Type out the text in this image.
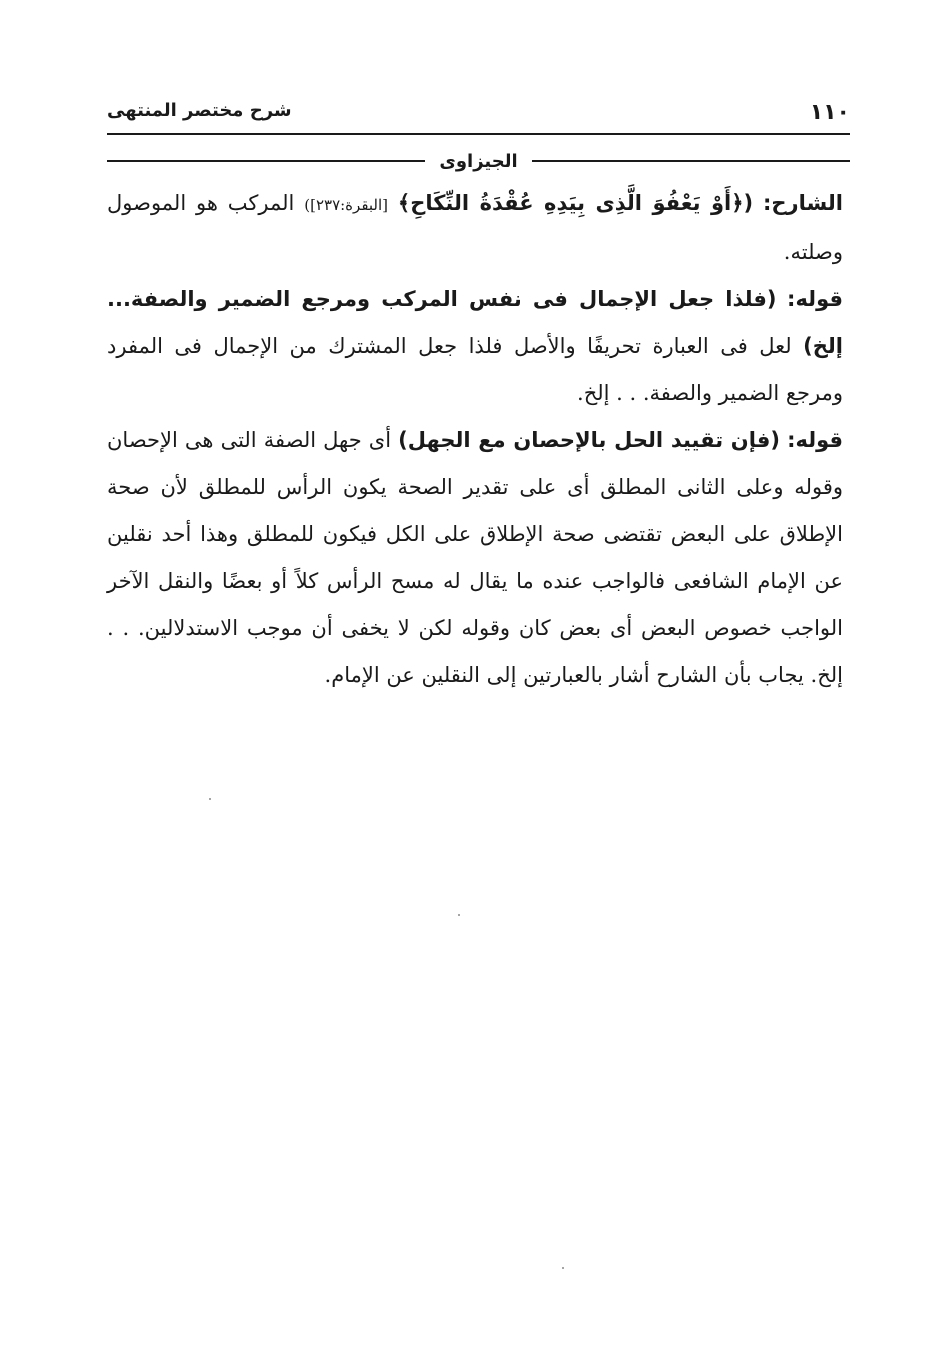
١١٠
شرح مختصر المنتهى
الجيزاوى

الشارح: (﴿أَوْ يَعْفُوَ الَّذِى بِيَدِهِ عُقْدَةُ النِّكَاحِ﴾ [البقرة:٢٣٧]) المركب هو الموصول وصلته.

قوله: (فلذا جعل الإجمال فى نفس المركب ومرجع الضمير والصفة... إلخ) لعل فى العبارة تحريفًا والأصل فلذا جعل المشترك من الإجمال فى المفرد ومرجع الضمير والصفة. . . إلخ.

قوله: (فإن تقييد الحل بالإحصان مع الجهل) أى جهل الصفة التى هى الإحصان وقوله وعلى الثانى المطلق أى على تقدير الصحة يكون الرأس للمطلق لأن صحة الإطلاق على البعض تقتضى صحة الإطلاق على الكل فيكون للمطلق وهذا أحد نقلين عن الإمام الشافعى فالواجب عنده ما يقال له مسح الرأس كلاً أو بعضًا والنقل الآخر الواجب خصوص البعض أى بعض كان وقوله لكن لا يخفى أن موجب الاستدلالين. . . إلخ. يجاب بأن الشارح أشار بالعبارتين إلى النقلين عن الإمام.
